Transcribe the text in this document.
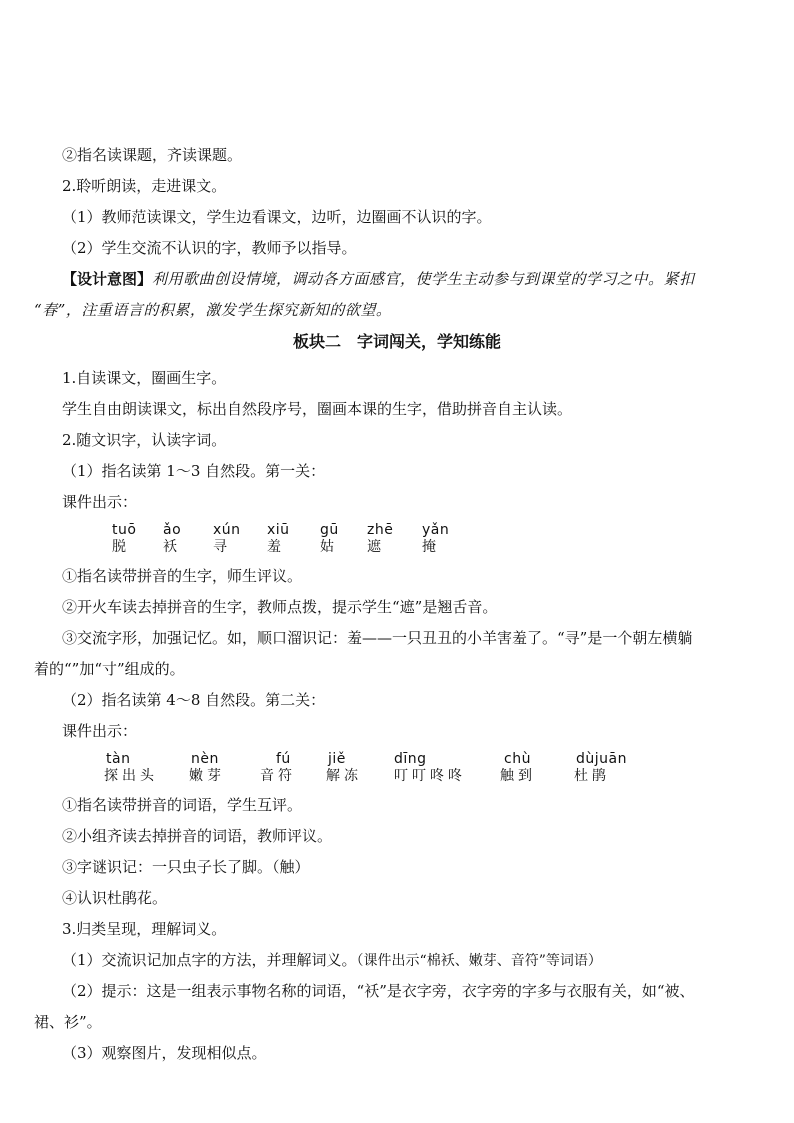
②指名读课题，齐读课题。
2.聆听朗读，走进课文。
（1）教师范读课文，学生边看课文，边听，边圈画不认识的字。
（2）学生交流不认识的字，教师予以指导。
【设计意图】利用歌曲创设情境，调动各方面感官，使学生主动参与到课堂的学习之中。紧扣
“春”，注重语言的积累，激发学生探究新知的欲望。
板块二　字词闯关，学知练能
1.自读课文，圈画生字。
学生自由朗读课文，标出自然段序号，圈画本课的生字，借助拼音自主认读。
2.随文识字，认读字词。
（1）指名读第 1～3 自然段。第一关：
课件出示：
tuō
脱
ǎo
袄
xún
寻
xiū
羞
gū
姑
zhē
遮
yǎn
掩
①指名读带拼音的生字，师生评议。
②开火车读去掉拼音的生字，教师点拨，提示学生“遮”是翘舌音。
③交流字形，加强记忆。如，顺口溜识记：羞——一只丑丑的小羊害羞了。“寻”是一个朝左横躺
着的“”加“寸”组成的。
（2）指名读第 4～8 自然段。第二关：
课件出示：
tàn
探出头
nèn
嫩芽
fú
音符
jiě
解冻
dīng
叮叮咚咚
chù
触到
dùjuān
杜鹃
①指名读带拼音的词语，学生互评。
②小组齐读去掉拼音的词语，教师评议。
③字谜识记：一只虫子长了脚。（触）
④认识杜鹃花。
3.归类呈现，理解词义。
（1）交流识记加点字的方法，并理解词义。（课件出示“棉袄、嫩芽、音符”等词语）
（2）提示：这是一组表示事物名称的词语，“袄”是衣字旁，衣字旁的字多与衣服有关，如“被、
裙、衫”。
（3）观察图片，发现相似点。
